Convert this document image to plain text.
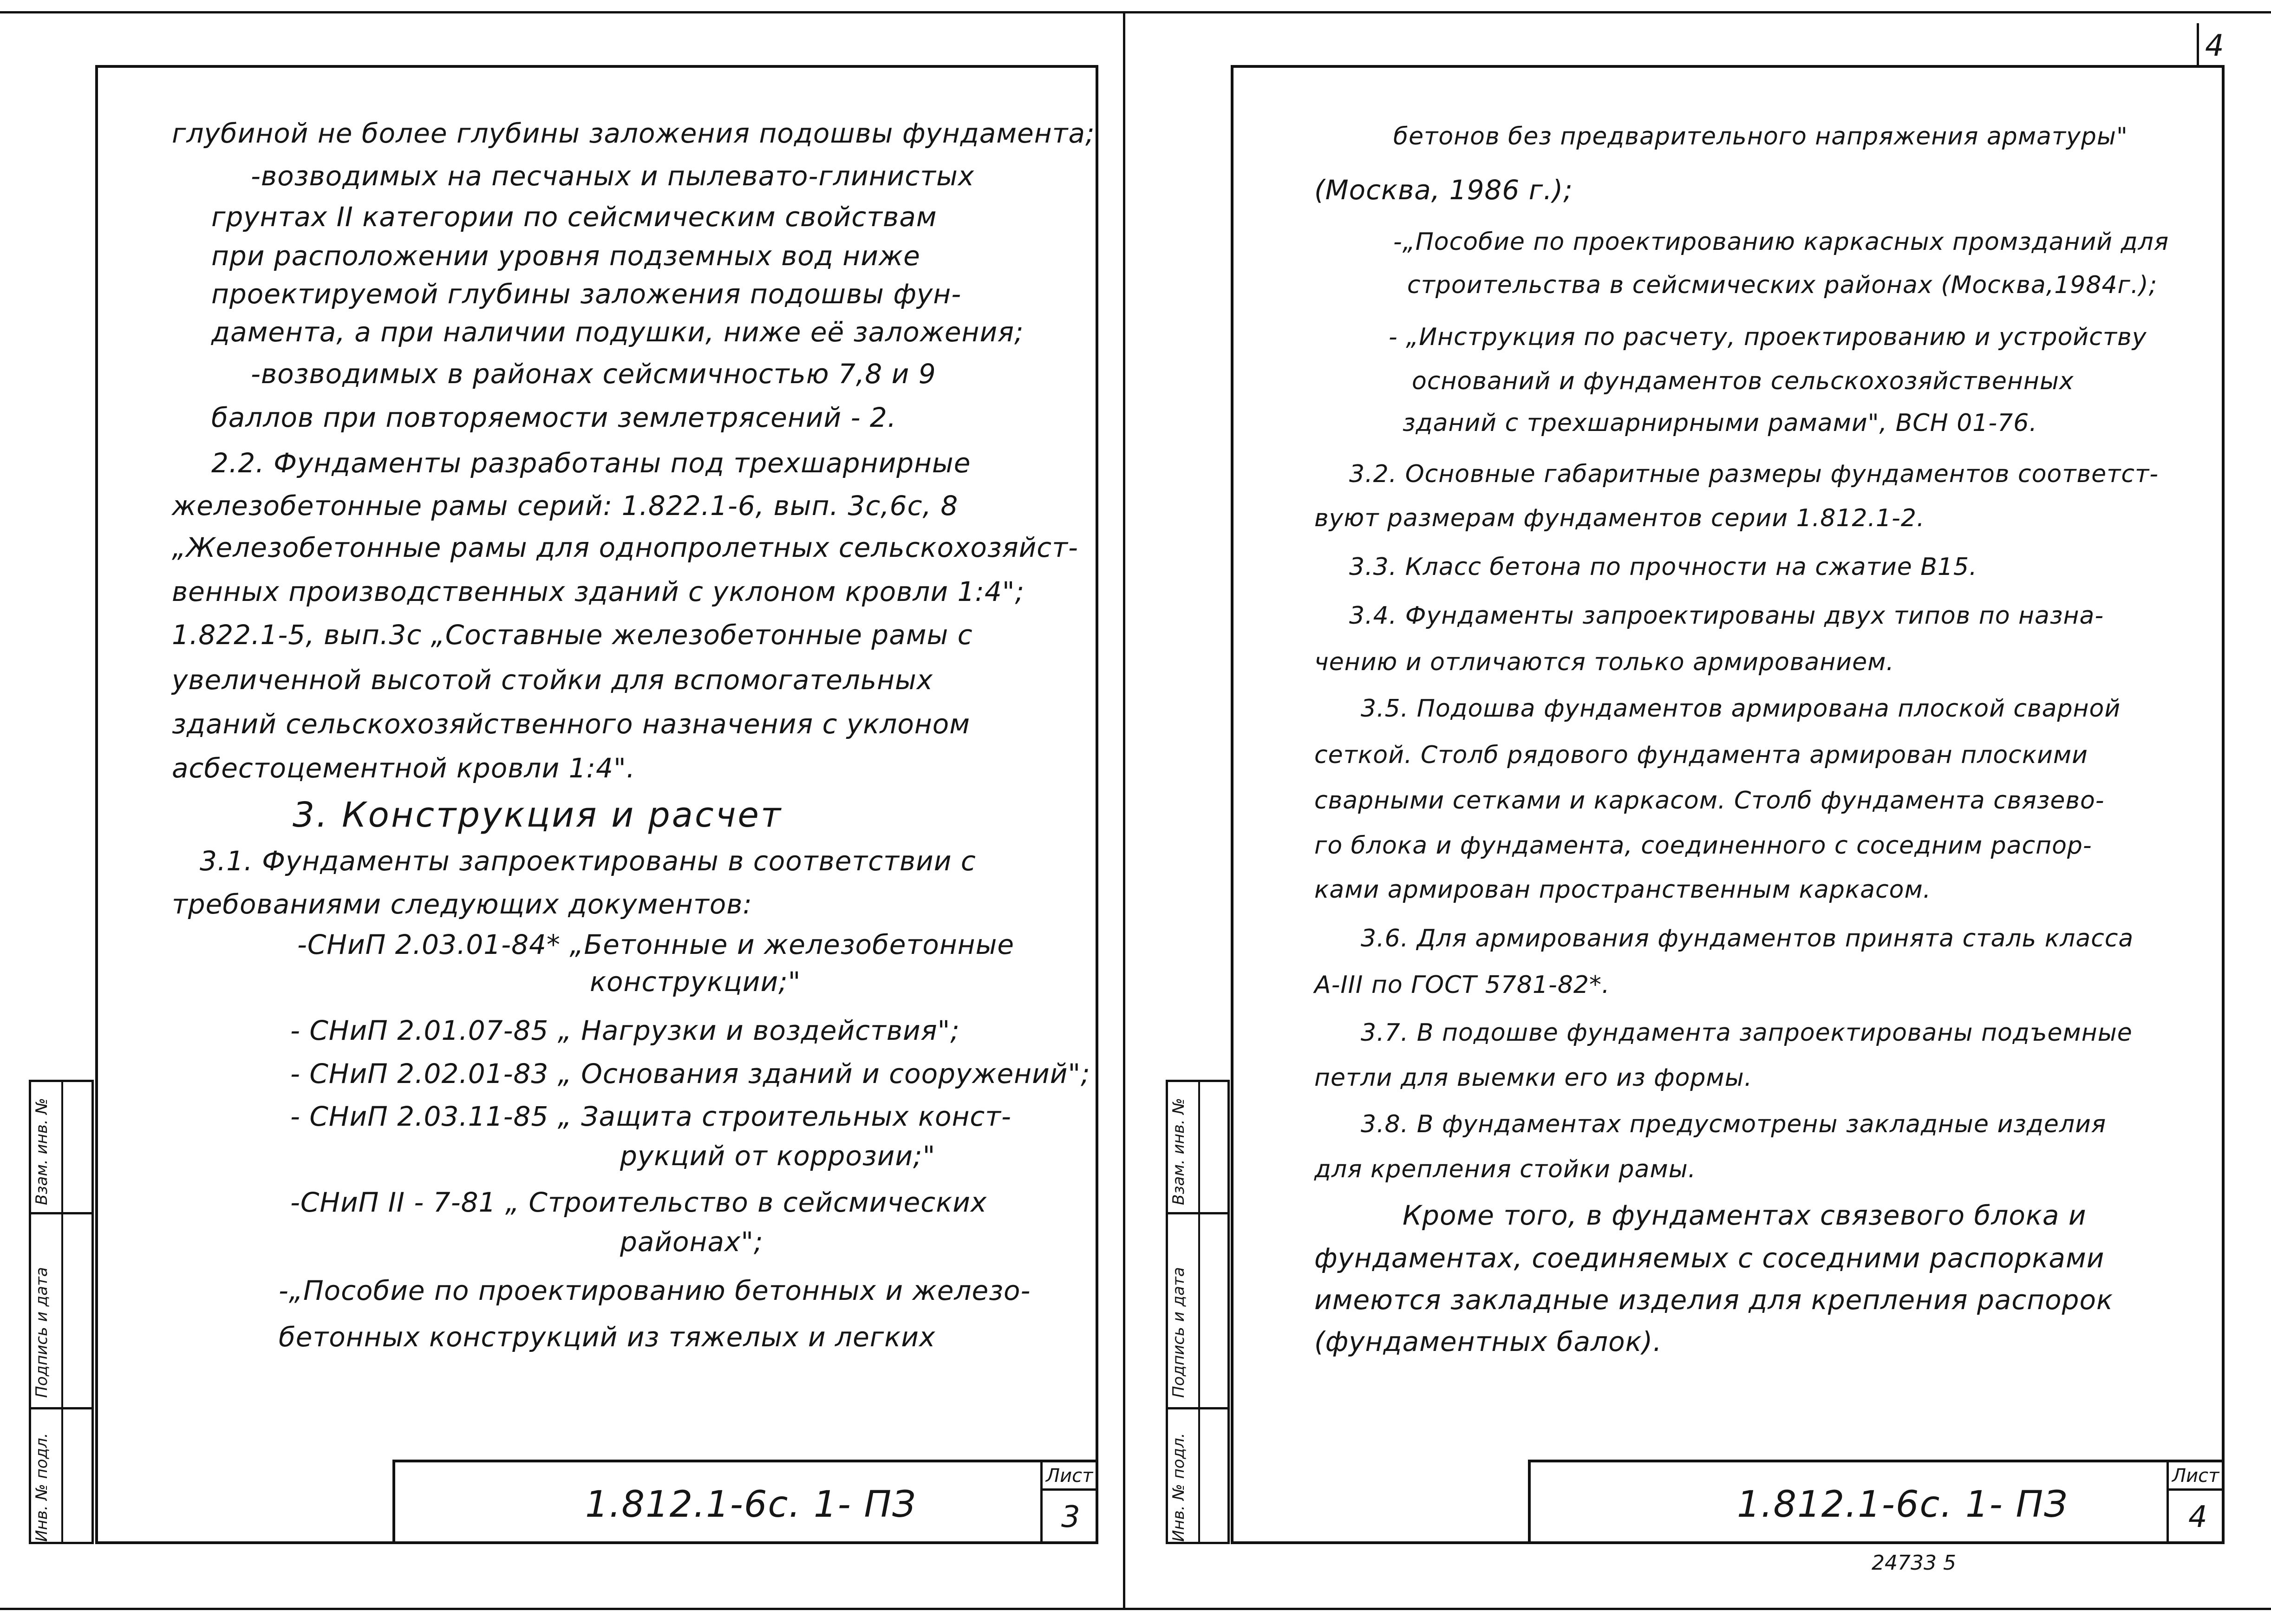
глубиной не более глубины заложения подошвы фундамента;
-возводимых на песчаных и пылевато-глинистых
грунтах II категории по сейсмическим свойствам
при расположении уровня подземных вод ниже
проектируемой глубины заложения подошвы фун-
дамента, а при наличии подушки, ниже её заложения;
-возводимых в районах сейсмичностью 7,8 и 9
баллов при повторяемости землетрясений - 2.
2.2. Фундаменты разработаны под трехшарнирные
железобетонные рамы серий: 1.822.1-6, вып. 3с,6с, 8
„Железобетонные рамы для однопролетных сельскохозяйст-
венных производственных зданий с уклоном кровли 1:4";
1.822.1-5, вып.3с „Составные железобетонные рамы с
увеличенной высотой стойки для вспомогательных
зданий сельскохозяйственного назначения с уклоном
асбестоцементной кровли 1:4".
3. Конструкция и расчет
3.1. Фундаменты запроектированы в соответствии с
требованиями следующих документов:
-СНиП 2.03.01-84* „Бетонные и железобетонные
конструкции;"
- СНиП 2.01.07-85 „ Нагрузки и воздействия";
- СНиП 2.02.01-83 „ Основания зданий и сооружений";
- СНиП 2.03.11-85 „ Защита строительных конст-
рукций от коррозии;"
-СНиП II - 7-81 „ Строительство в сейсмических
районах";
-„Пособие по проектированию бетонных и железо-
бетонных конструкций из тяжелых и легких
1.812.1-6с. 1- ПЗ
Лист
3
Инв. № подл.
Подпись и дата
Взам. инв. №
4
бетонов без предварительного напряжения арматуры"
(Москва, 1986 г.);
-„Пособие по проектированию каркасных промзданий для
строительства в сейсмических районах (Москва,1984г.);
- „Инструкция по расчету, проектированию и устройству
оснований и фундаментов сельскохозяйственных
зданий с трехшарнирными рамами", ВСН 01-76.
3.2. Основные габаритные размеры фундаментов соответст-
вуют размерам фундаментов серии 1.812.1-2.
3.3. Класс бетона по прочности на сжатие В15.
3.4. Фундаменты запроектированы двух типов по назна-
чению и отличаются только армированием.
3.5. Подошва фундаментов армирована плоской сварной
сеткой. Столб рядового фундамента армирован плоскими
сварными сетками и каркасом. Столб фундамента связево-
го блока и фундамента, соединенного с соседним распор-
ками армирован пространственным каркасом.
3.6. Для армирования фундаментов принята сталь класса
А-III по ГОСТ 5781-82*.
3.7. В подошве фундамента запроектированы подъемные
петли для выемки его из формы.
3.8. В фундаментах предусмотрены закладные изделия
для крепления стойки рамы.
Кроме того, в фундаментах связевого блока и
фундаментах, соединяемых с соседними распорками
имеются закладные изделия для крепления распорок
(фундаментных балок).
1.812.1-6с. 1- ПЗ
Лист
4
24733 5
Инв. № подл.
Подпись и дата
Взам. инв. №
